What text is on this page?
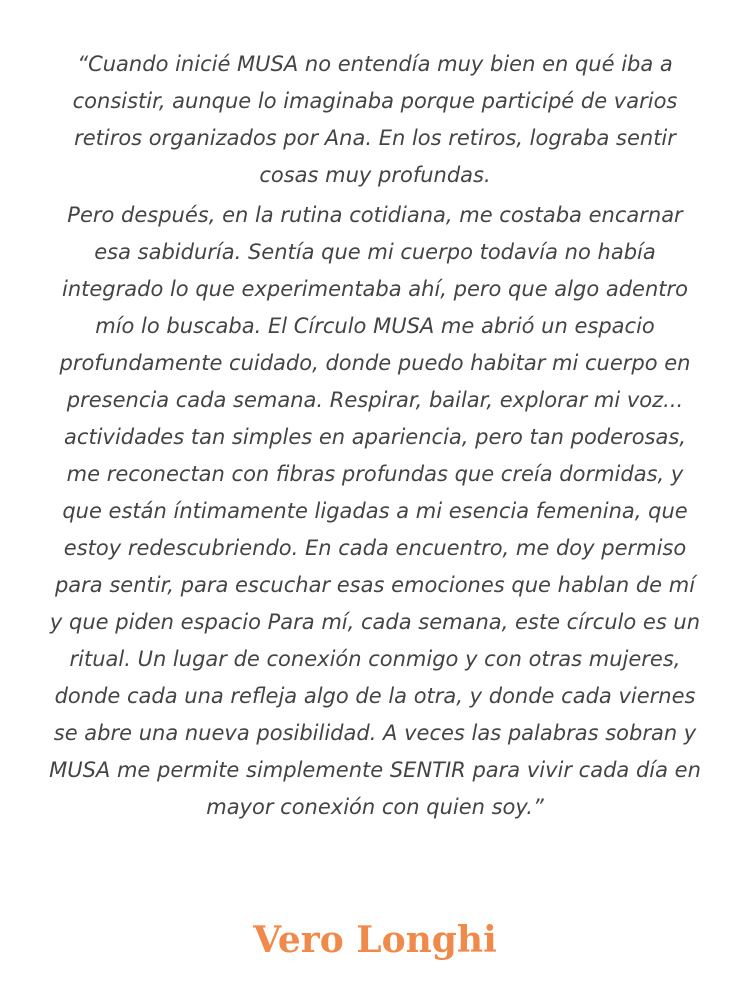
“Cuando inicié MUSA no entendía muy bien en qué iba a consistir, aunque lo imaginaba porque participé de varios retiros organizados por Ana. En los retiros, lograba sentir cosas muy profundas.

Pero después, en la rutina cotidiana, me costaba encarnar esa sabiduría. Sentía que mi cuerpo todavía no había integrado lo que experimentaba ahí, pero que algo adentro mío lo buscaba. El Círculo MUSA me abrió un espacio profundamente cuidado, donde puedo habitar mi cuerpo en presencia cada semana. Respirar, bailar, explorar mi voz... actividades tan simples en apariencia, pero tan poderosas, me reconectan con fibras profundas que creía dormidas, y que están íntimamente ligadas a mi esencia femenina, que estoy redescubriendo. En cada encuentro, me doy permiso para sentir, para escuchar esas emociones que hablan de mí y que piden espacio Para mí, cada semana, este círculo es un ritual. Un lugar de conexión conmigo y con otras mujeres, donde cada una refleja algo de la otra, y donde cada viernes se abre una nueva posibilidad. A veces las palabras sobran y MUSA me permite simplemente SENTIR para vivir cada día en mayor conexión con quien soy.”

Vero Longhi
